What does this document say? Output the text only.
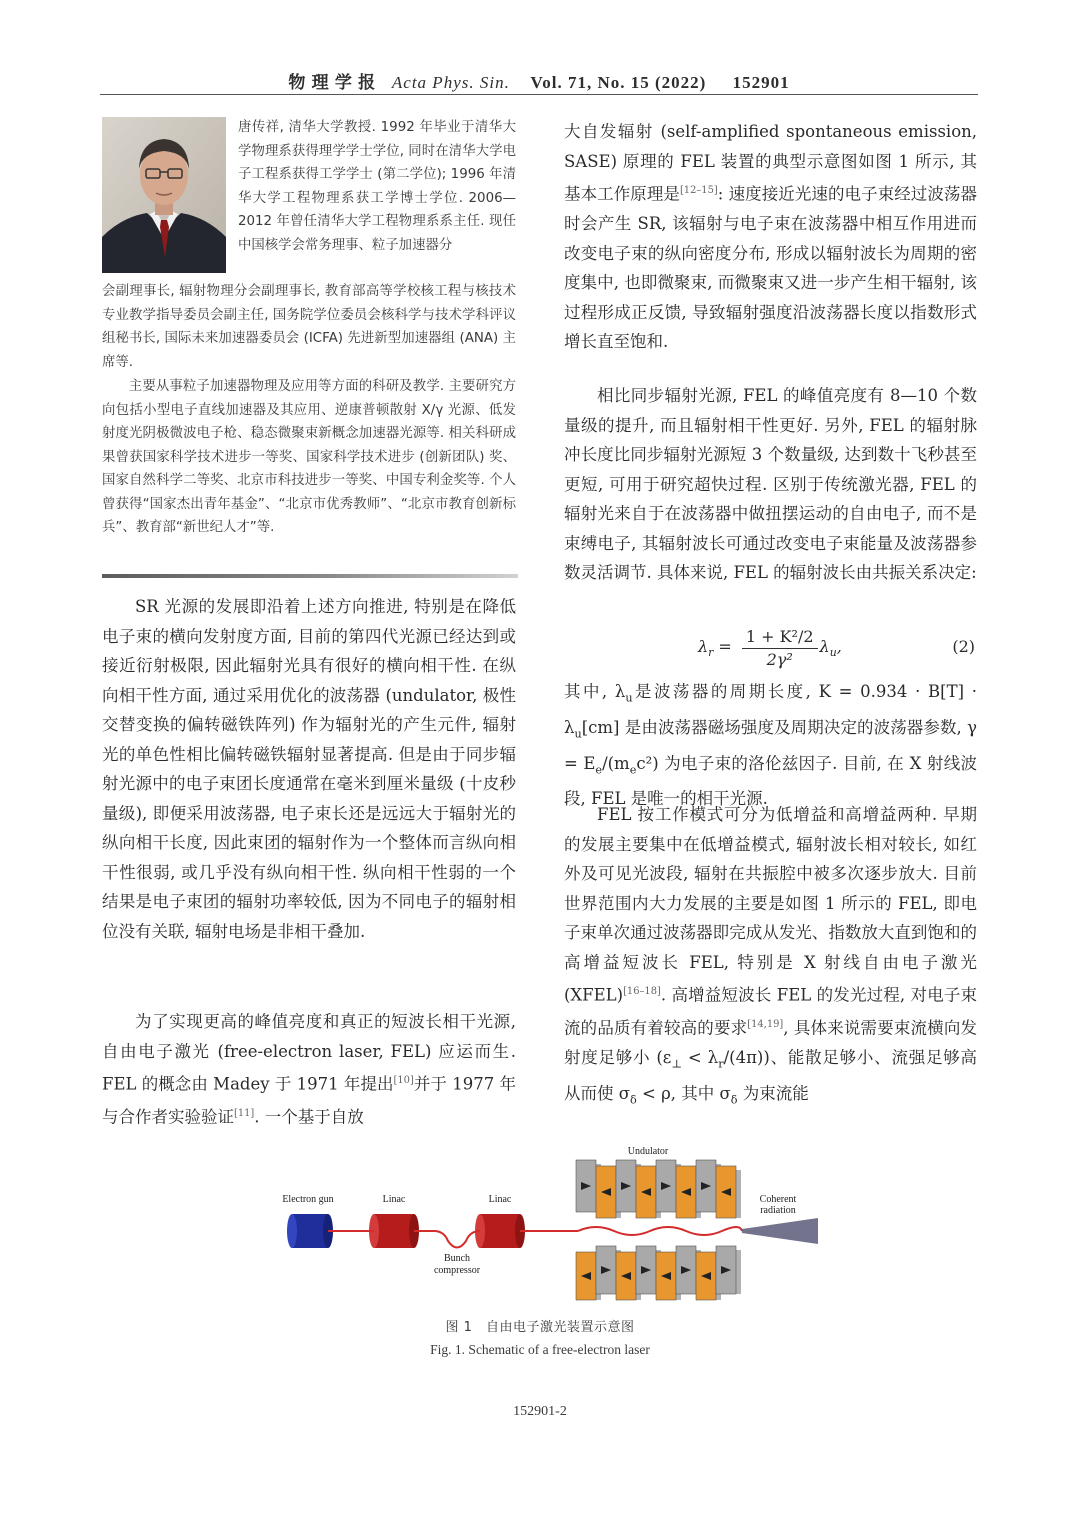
物 理 学 报 Acta Phys. Sin. Vol. 71, No. 15 (2022) 152901
唐传祥, 清华大学教授. 1992 年毕业于清华大学物理系获得理学学士学位, 同时在清华大学电子工程系获得工学学士 (第二学位); 1996 年清华大学工程物理系获工学博士学位. 2006—2012 年曾任清华大学工程物理系系主任. 现任中国核学会常务理事、粒子加速器分
会副理事长, 辐射物理分会副理事长, 教育部高等学校核工程与核技术专业教学指导委员会副主任, 国务院学位委员会核科学与技术学科评议组秘书长, 国际未来加速器委员会 (ICFA) 先进新型加速器组 (ANA) 主席等.
主要从事粒子加速器物理及应用等方面的科研及教学. 主要研究方向包括小型电子直线加速器及其应用、逆康普顿散射 X/γ 光源、低发射度光阴极微波电子枪、稳态微聚束新概念加速器光源等. 相关科研成果曾获国家科学技术进步一等奖、国家科学技术进步 (创新团队) 奖、国家自然科学二等奖、北京市科技进步一等奖、中国专利金奖等. 个人曾获得“国家杰出青年基金”、“北京市优秀教师”、“北京市教育创新标兵”、教育部“新世纪人才”等.

SR 光源的发展即沿着上述方向推进, 特别是在降低电子束的横向发射度方面, 目前的第四代光源已经达到或接近衍射极限, 因此辐射光具有很好的横向相干性. 在纵向相干性方面, 通过采用优化的波荡器 (undulator, 极性交替变换的偏转磁铁阵列) 作为辐射光的产生元件, 辐射光的单色性相比偏转磁铁辐射显著提高. 但是由于同步辐射光源中的电子束团长度通常在毫米到厘米量级 (十皮秒量级), 即便采用波荡器, 电子束长还是远远大于辐射光的纵向相干长度, 因此束团的辐射作为一个整体而言纵向相干性很弱, 或几乎没有纵向相干性. 纵向相干性弱的一个结果是电子束团的辐射功率较低, 因为不同电子的辐射相位没有关联, 辐射电场是非相干叠加.

为了实现更高的峰值亮度和真正的短波长相干光源, 自由电子激光 (free-electron laser, FEL) 应运而生. FEL 的概念由 Madey 于 1971 年提出[10]并于 1977 年与合作者实验验证[11]. 一个基于自放

大自发辐射 (self-amplified spontaneous emission, SASE) 原理的 FEL 装置的典型示意图如图 1 所示, 其基本工作原理是[12–15]: 速度接近光速的电子束经过波荡器时会产生 SR, 该辐射与电子束在波荡器中相互作用进而改变电子束的纵向密度分布, 形成以辐射波长为周期的密度集中, 也即微聚束, 而微聚束又进一步产生相干辐射, 该过程形成正反馈, 导致辐射强度沿波荡器长度以指数形式增长直至饱和.

相比同步辐射光源, FEL 的峰值亮度有 8—10 个数量级的提升, 而且辐射相干性更好. 另外, FEL 的辐射脉冲长度比同步辐射光源短 3 个数量级, 达到数十飞秒甚至更短, 可用于研究超快过程. 区别于传统激光器, FEL 的辐射光来自于在波荡器中做扭摆运动的自由电子, 而不是束缚电子, 其辐射波长可通过改变电子束能量及波荡器参数灵活调节. 具体来说, FEL 的辐射波长由共振关系决定:

$\lambda_r = \frac{\text{1 + K²/2}}{\text{2γ²}} \lambda_u$,	(2)

其中, $\lambda_u$是波荡器的周期长度, $K = 0.934 \cdot B[T] \cdot \lambda_u[cm]$ 是由波荡器磁场强度及周期决定的波荡器参数, $\gamma = E_e/(m_ec^2)$ 为电子束的洛伦兹因子. 目前, 在 X 射线波段, FEL 是唯一的相干光源.

FEL 按工作模式可分为低增益和高增益两种. 早期的发展主要集中在低增益模式, 辐射波长相对较长, 如红外及可见光波段, 辐射在共振腔中被多次逐步放大. 目前世界范围内大力发展的主要是如图 1 所示的 FEL, 即电子束单次通过波荡器即完成从发光、指数放大直到饱和的高增益短波长 FEL, 特别是 X 射线自由电子激光 (XFEL)[16–18]. 高增益短波长 FEL 的发光过程, 对电子束流的品质有着较高的要求[14,19], 具体来说需要束流横向发射度足够小 $(\varepsilon_\perp < \lambda_r/(4\pi))$、能散足够小、流强足够高从而使 $\sigma_\delta < \rho$, 其中 $\sigma_\delta$ 为束流能

Electron gun	Linac	Linac
Undulator
Coherent
radiation
Bunch
compressor
图 1　自由电子激光装置示意图
Fig. 1. Schematic of a free-electron laser
152901-2
